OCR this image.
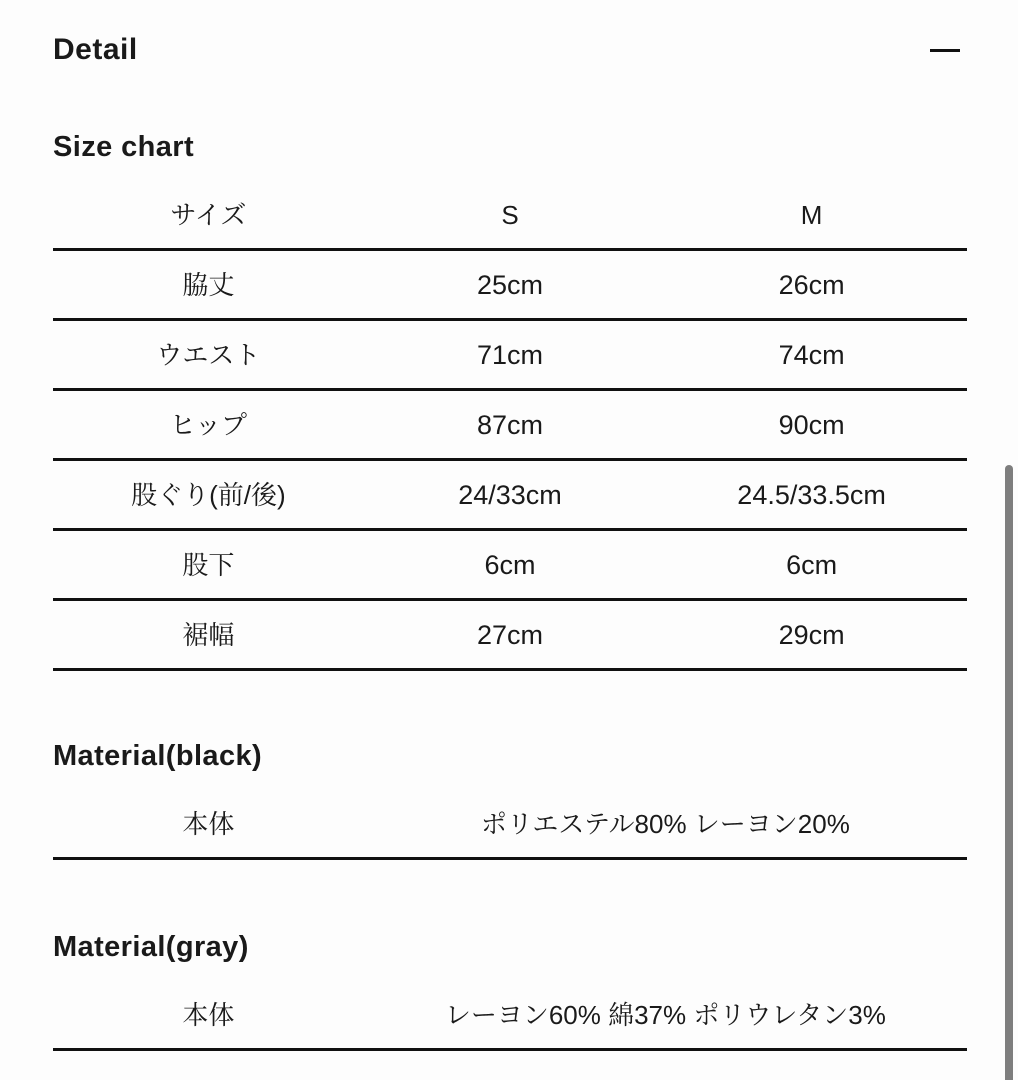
Detail
Size chart
サイズ	S	M
脇丈	25cm	26cm
ウエスト	71cm	74cm
ヒップ	87cm	90cm
股ぐり(前/後)	24/33cm	24.5/33.5cm
股下	6cm	6cm
裾幅	27cm	29cm
Material(black)
本体	ポリエステル80% レーヨン20%
Material(gray)
本体	レーヨン60% 綿37% ポリウレタン3%
